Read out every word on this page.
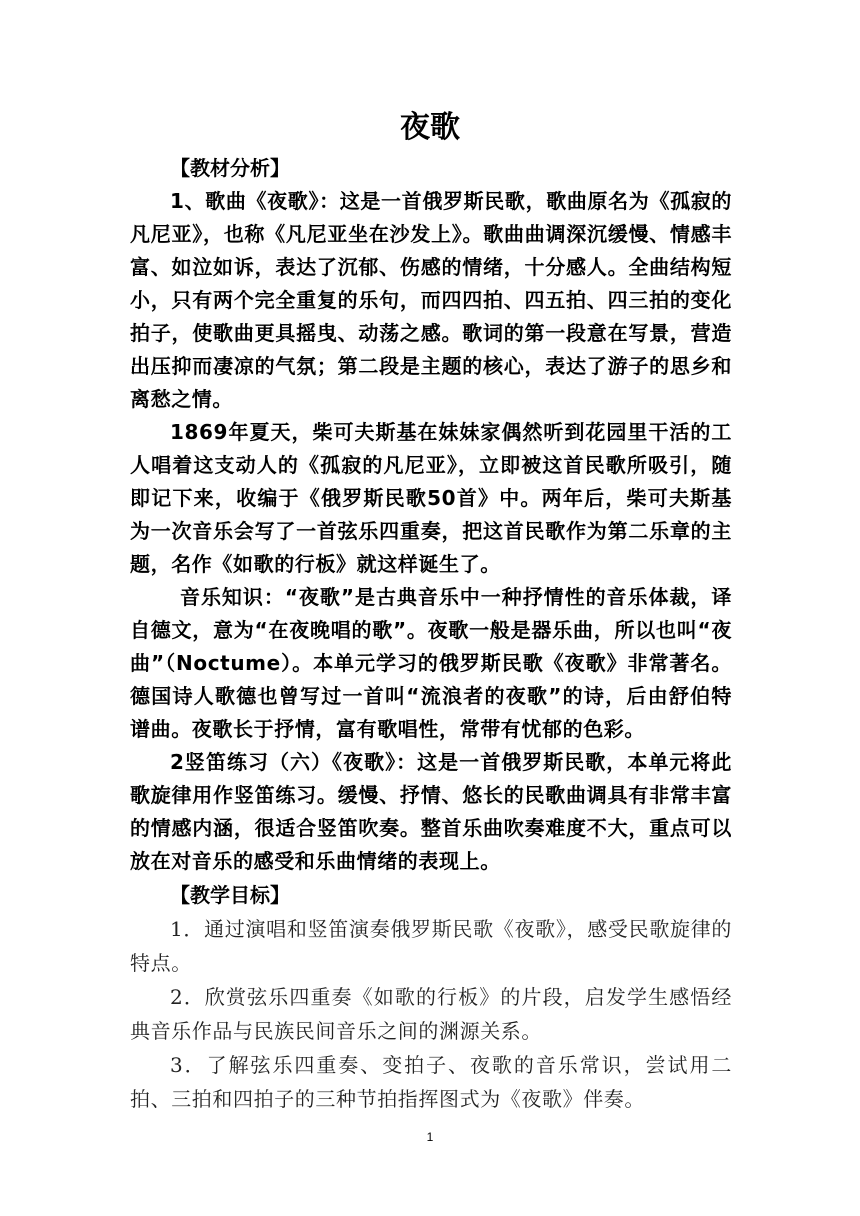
夜歌
【教材分析】

1、歌曲《夜歌》：这是一首俄罗斯民歌，歌曲原名为《孤寂的凡尼亚》，也称《凡尼亚坐在沙发上》。歌曲曲调深沉缓慢、情感丰富、如泣如诉，表达了沉郁、伤感的情绪，十分感人。全曲结构短小，只有两个完全重复的乐句，而四四拍、四五拍、四三拍的变化拍子，使歌曲更具摇曳、动荡之感。歌词的第一段意在写景，营造出压抑而凄凉的气氛；第二段是主题的核心，表达了游子的思乡和离愁之情。

1869年夏天，柴可夫斯基在妹妹家偶然听到花园里干活的工人唱着这支动人的《孤寂的凡尼亚》，立即被这首民歌所吸引，随即记下来，收编于《俄罗斯民歌50首》中。两年后，柴可夫斯基为一次音乐会写了一首弦乐四重奏，把这首民歌作为第二乐章的主题，名作《如歌的行板》就这样诞生了。

音乐知识：“夜歌”是古典音乐中一种抒情性的音乐体裁，译自德文，意为“在夜晚唱的歌”。夜歌一般是器乐曲，所以也叫“夜曲”（Noctume）。本单元学习的俄罗斯民歌《夜歌》非常著名。德国诗人歌德也曾写过一首叫“流浪者的夜歌”的诗，后由舒伯特谱曲。夜歌长于抒情，富有歌唱性，常带有忧郁的色彩。

2竖笛练习（六）《夜歌》：这是一首俄罗斯民歌，本单元将此歌旋律用作竖笛练习。缓慢、抒情、悠长的民歌曲调具有非常丰富的情感内涵，很适合竖笛吹奏。整首乐曲吹奏难度不大，重点可以放在对音乐的感受和乐曲情绪的表现上。

【教学目标】

1．通过演唱和竖笛演奏俄罗斯民歌《夜歌》，感受民歌旋律的特点。

2．欣赏弦乐四重奏《如歌的行板》的片段，启发学生感悟经典音乐作品与民族民间音乐之间的渊源关系。

3．了解弦乐四重奏、变拍子、夜歌的音乐常识，尝试用二拍、三拍和四拍子的三种节拍指挥图式为《夜歌》伴奏。

1
